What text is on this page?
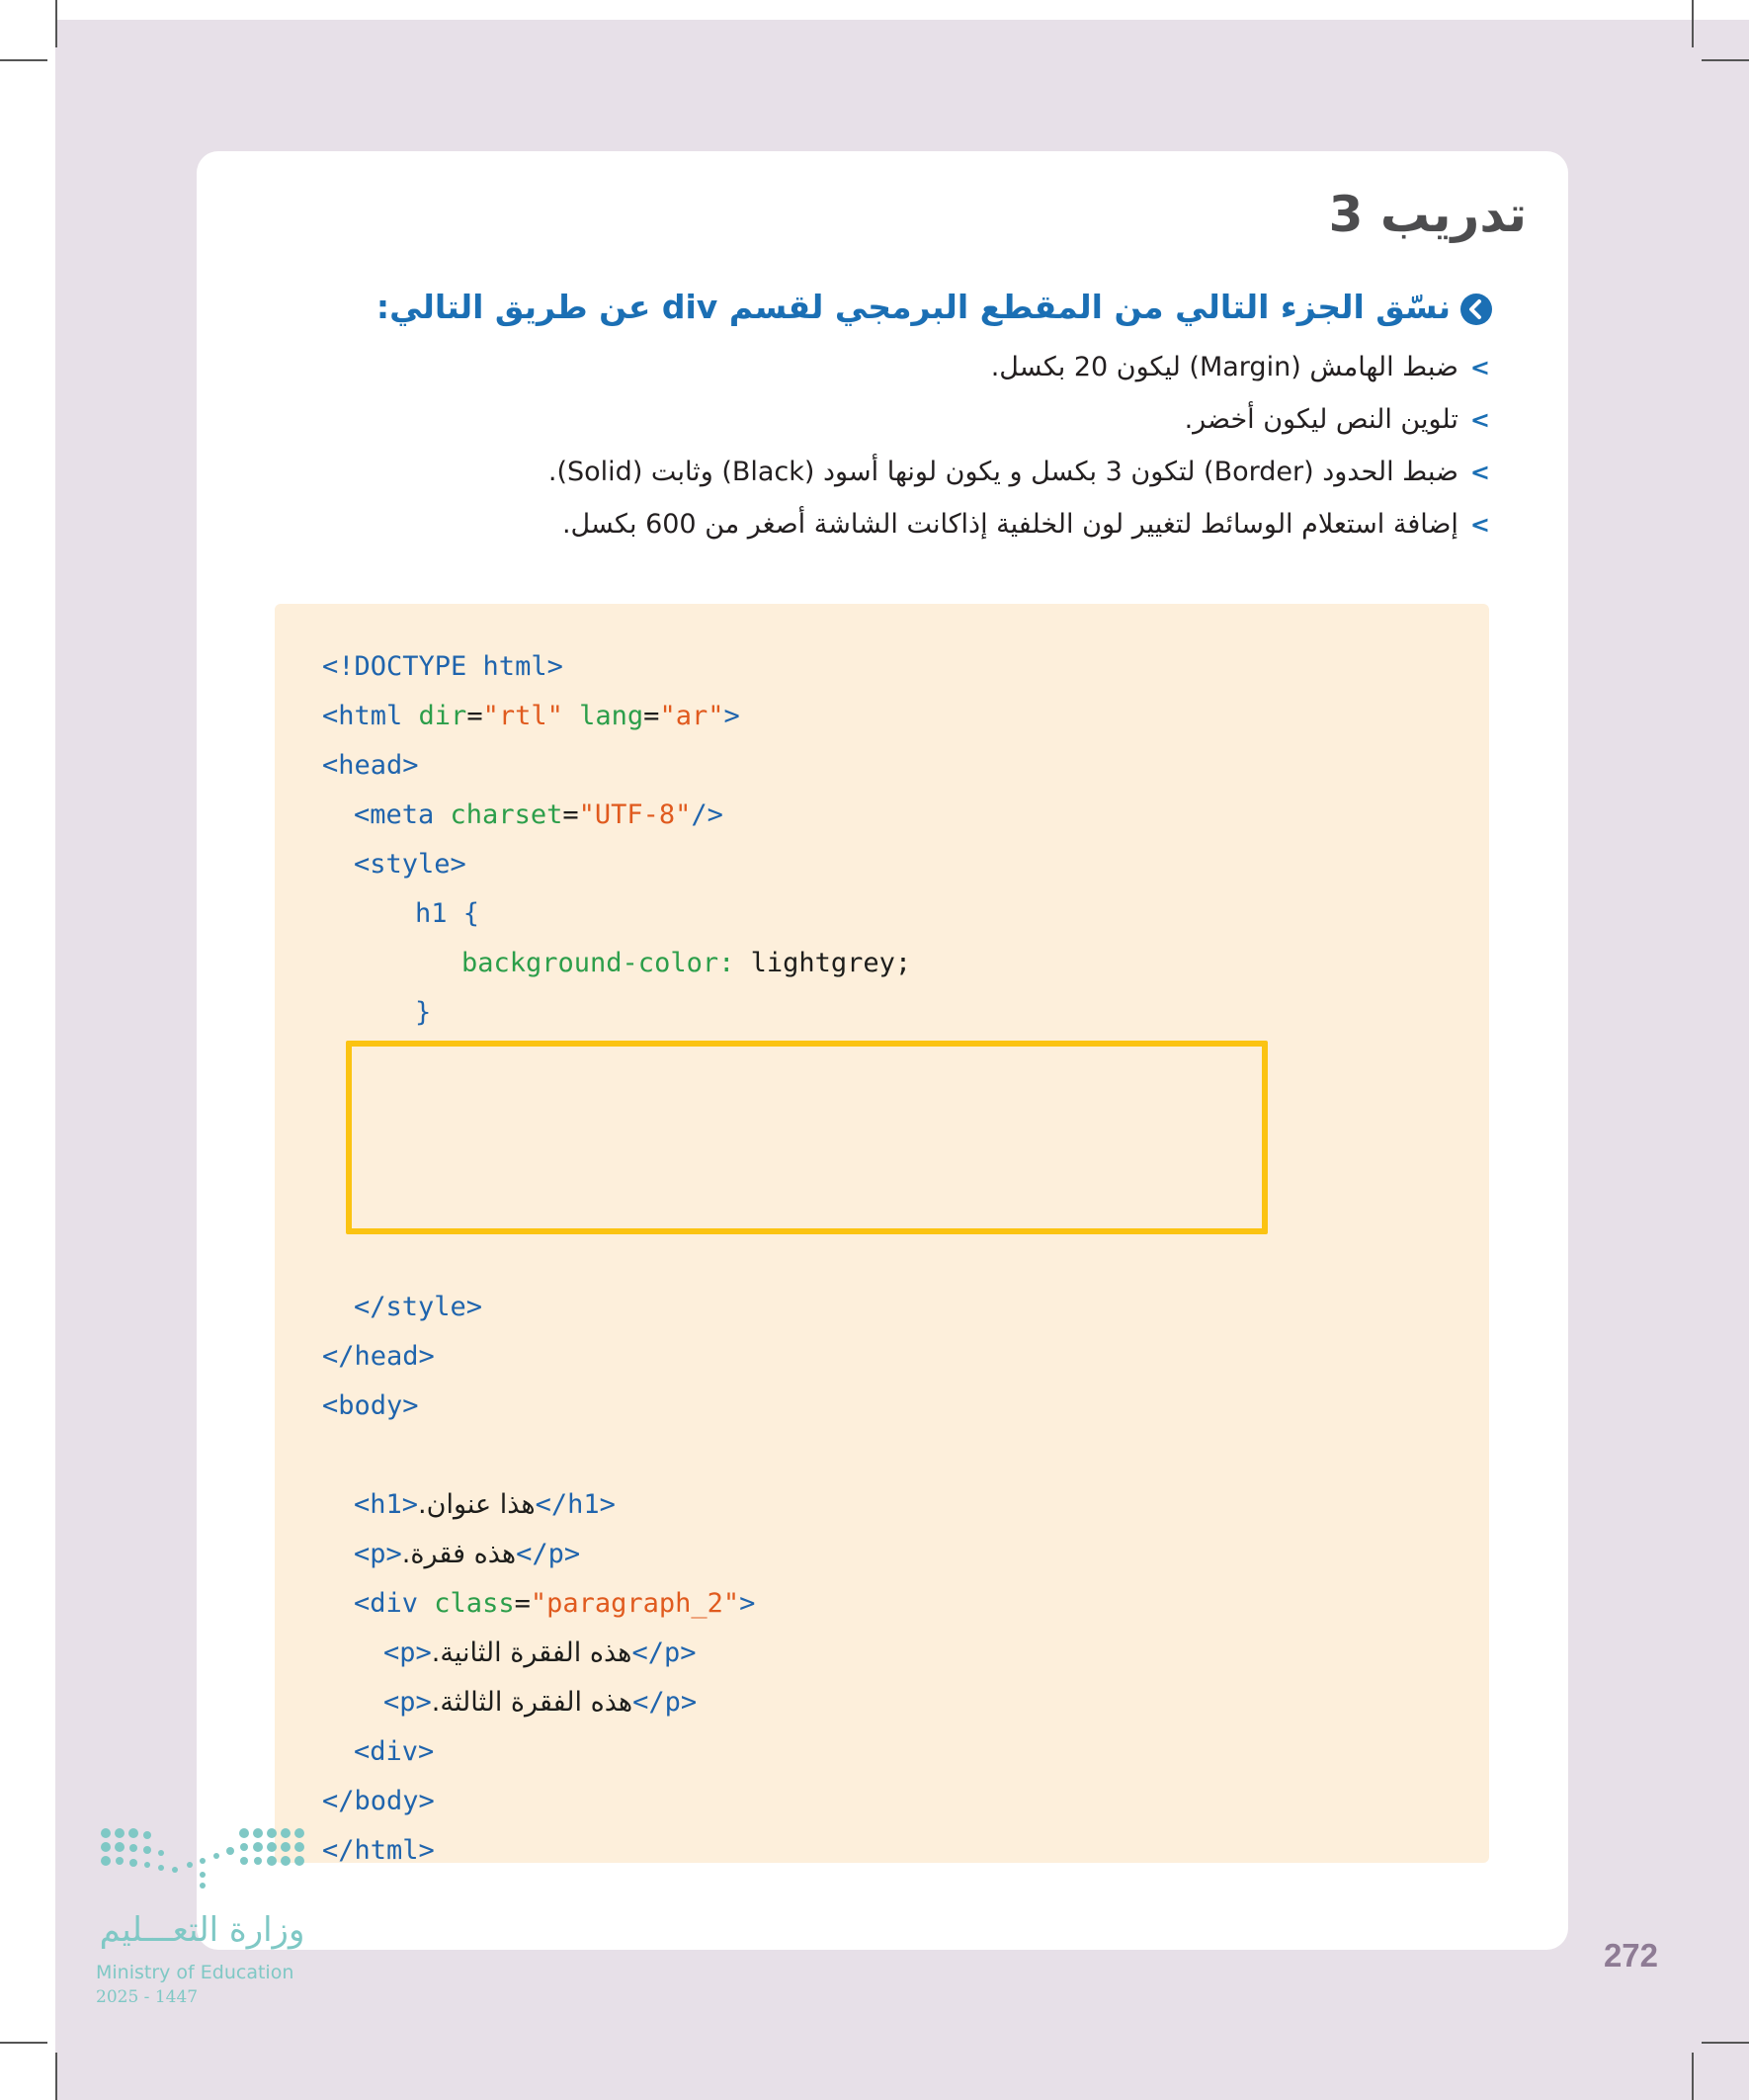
تدريب 3
نسّق الجزء التالي من المقطع البرمجي لقسم div عن طريق التالي:
>
ضبط الهامش (Margin) ليكون 20 بكسل.
>
تلوين النص ليكون أخضر.
>
ضبط الحدود (Border) لتكون 3 بكسل و يكون لونها أسود (Black) وثابت (Solid).
>
إضافة استعلام الوسائط لتغيير لون الخلفية إذاكانت الشاشة أصغر من 600 بكسل.
<!DOCTYPE html>
<html dir="rtl" lang="ar">
<head>
<meta charset="UTF-8"/>
<style>
h1 {
background-color: lightgrey;
}
</style>
</head>
<body>
<h1>.هذا عنوان</h1>
<p>.هذه فقرة</p>
<div class="paragraph_2">
<p>.هذه الفقرة الثانية</p>
<p>.هذه الفقرة الثالثة</p>
<div>
</body>
</html>
وزارة التعـــليم
Ministry of Education
2025 - 1447
272
